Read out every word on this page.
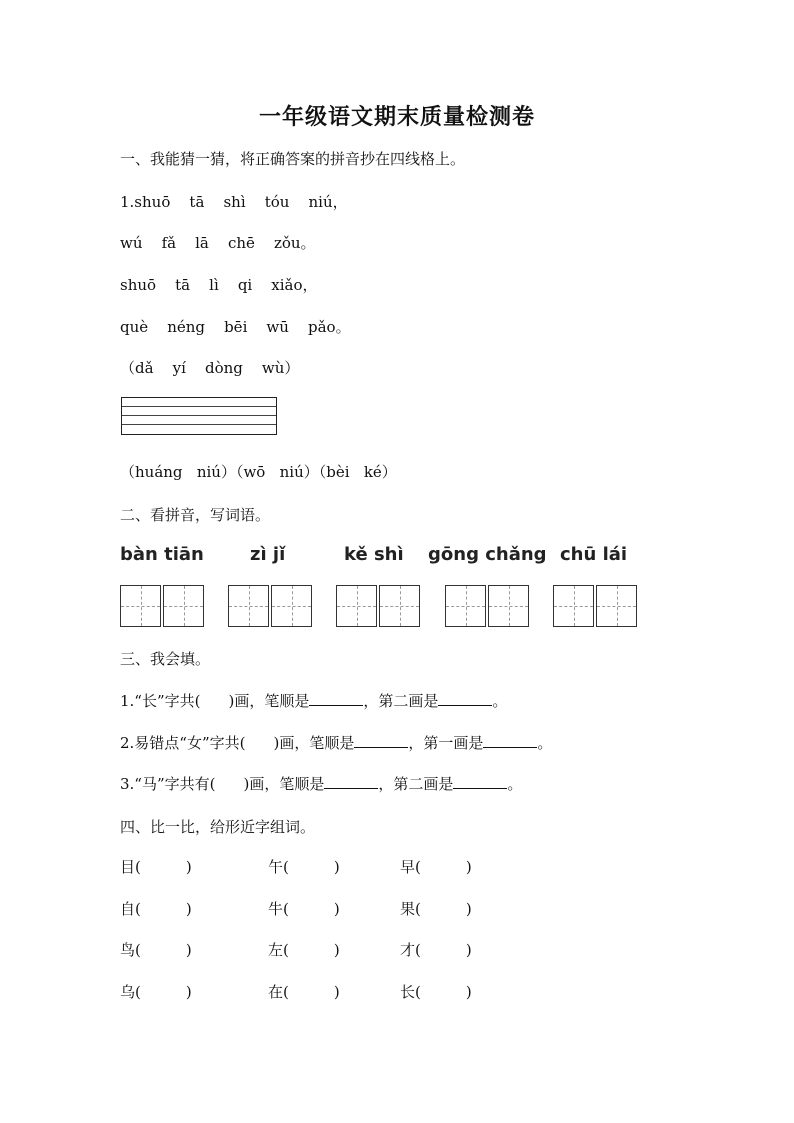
一年级语文期末质量检测卷
一、我能猜一猜，将正确答案的拼音抄在四线格上。
1.shuō    tā    shì    tóu    niú，
wú    fǎ    lā    chē    zǒu。
shuō    tā    lì    qi    xiǎo，
què    néng    bēi    wū    pǎo。
（dǎ    yí    dòng    wù）
（huáng   niú）（wō   niú）（bèi   ké）
二、看拼音，写词语。
bàn tiān	zì jǐ	kě shì gōng chǎng chū lái
三、我会填。
1.“长”字共( )画，笔顺是	，第二画是	。
2.易错点“女”字共( )画，笔顺是	，第一画是	。
3.“马”字共有( )画，笔顺是	，第二画是	。
四、比一比，给形近字组词。
目(　　　)	午(　　　)	早(　　　)
自(　　　)	牛(　　　)	果(　　　)
鸟(　　　)	左(　　　)	才(　　　)
乌(　　　)	在(　　　)	长(　　　)
